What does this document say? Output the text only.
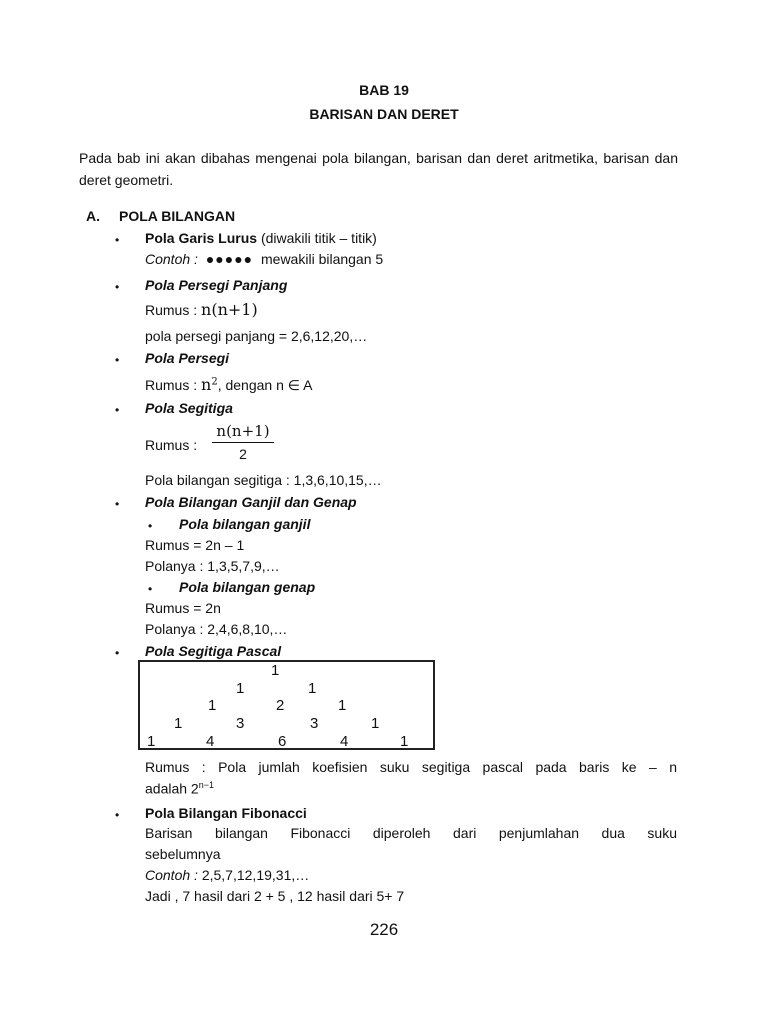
BAB 19
BARISAN DAN DERET
Pada bab ini akan dibahas mengenai pola bilangan, barisan dan deret aritmetika, barisan dan deret geometri.
A. POLA BILANGAN
• Pola Garis Lurus (diwakili titik – titik)
Contoh : ●●●●● mewakili bilangan 5
• Pola Persegi Panjang
Rumus : n(n+1)
pola persegi panjang = 2,6,12,20,…
• Pola Persegi
Rumus : $n^2$, dengan n ∈ A
• Pola Segitiga
Rumus : $\frac{n(n+1)}{2}$
Pola bilangan segitiga : 1,3,6,10,15,…
• Pola Bilangan Ganjil dan Genap
• Pola bilangan ganjil
Rumus = 2n – 1
Polanya : 1,3,5,7,9,…
• Pola bilangan genap
Rumus = 2n
Polanya : 2,4,6,8,10,…
• Pola Segitiga Pascal
1
1	1
1	2	1
1	3	3	1
1	4	6	4	1
Rumus : Pola jumlah koefisien suku segitiga pascal pada baris ke – n
adalah $2^{n-1}$
• Pola Bilangan Fibonacci
Barisan bilangan Fibonacci diperoleh dari penjumlahan dua suku
sebelumnya
Contoh : 2,5,7,12,19,31,…
Jadi , 7 hasil dari 2 + 5 , 12 hasil dari 5+ 7
226
